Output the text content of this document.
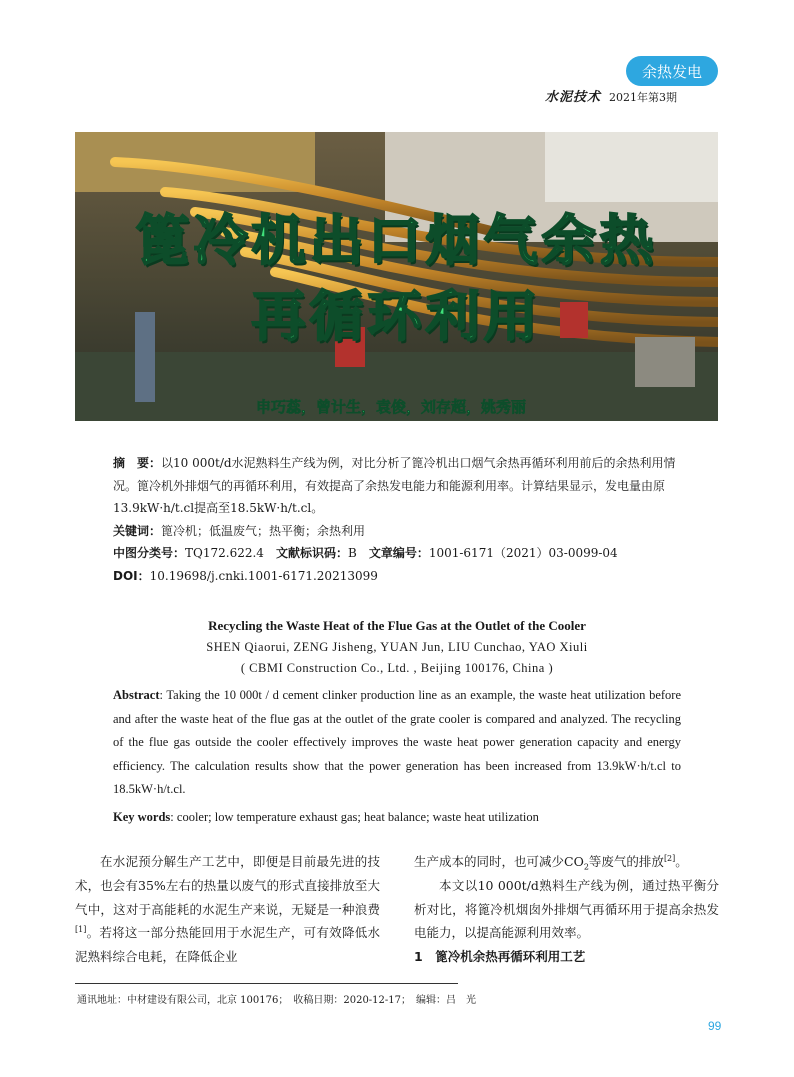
余热发电
水泥技术 2021年第3期
篦冷机出口烟气余热
再循环利用
申巧蕊，曾计生，袁俊，刘存超，姚秀丽

摘　要：以10 000t/d水泥熟料生产线为例，对比分析了篦冷机出口烟气余热再循环利用前后的余热利用情况。篦冷机外排烟气的再循环利用，有效提高了余热发电能力和能源利用率。计算结果显示，发电量由原13.9kW·h/t.cl提高至18.5kW·h/t.cl。

关键词：篦冷机；低温废气；热平衡；余热利用

中图分类号：TQ172.622.4　 文献标识码：B　 文章编号：1001-6171（2021）03-0099-04

DOI：10.19698/j.cnki.1001-6171.20213099

Recycling the Waste Heat of the Flue Gas at the Outlet of the Cooler

SHEN Qiaorui, ZENG Jisheng, YUAN Jun, LIU Cunchao, YAO Xiuli

( CBMI Construction Co., Ltd. , Beijing 100176, China )

Abstract: Taking the 10 000t / d cement clinker production line as an example, the waste heat utilization before and after the waste heat of the flue gas at the outlet of the grate cooler is compared and analyzed. The recycling of the flue gas outside the cooler effectively improves the waste heat power generation capacity and energy efficiency. The calculation results show that the power generation has been increased from 13.9kW·h/t.cl to 18.5kW·h/t.cl.

Key words: cooler; low temperature exhaust gas; heat balance; waste heat utilization

在水泥预分解生产工艺中，即便是目前最先进的技术，也会有35%左右的热量以废气的形式直接排放至大气中，这对于高能耗的水泥生产来说，无疑是一种浪费[1]。若将这一部分热能回用于水泥生产，可有效降低水泥熟料综合电耗，在降低企业

生产成本的同时，也可减少$CO_2$等废气的排放[2]。

本文以10 000t/d熟料生产线为例，通过热平衡分析对比，将篦冷机烟囱外排烟气再循环用于提高余热发电能力，以提高能源利用效率。

1　篦冷机余热再循环利用工艺

通讯地址：中材建设有限公司，北京 100176；　收稿日期：2020-12-17；　编辑：吕　光
99
